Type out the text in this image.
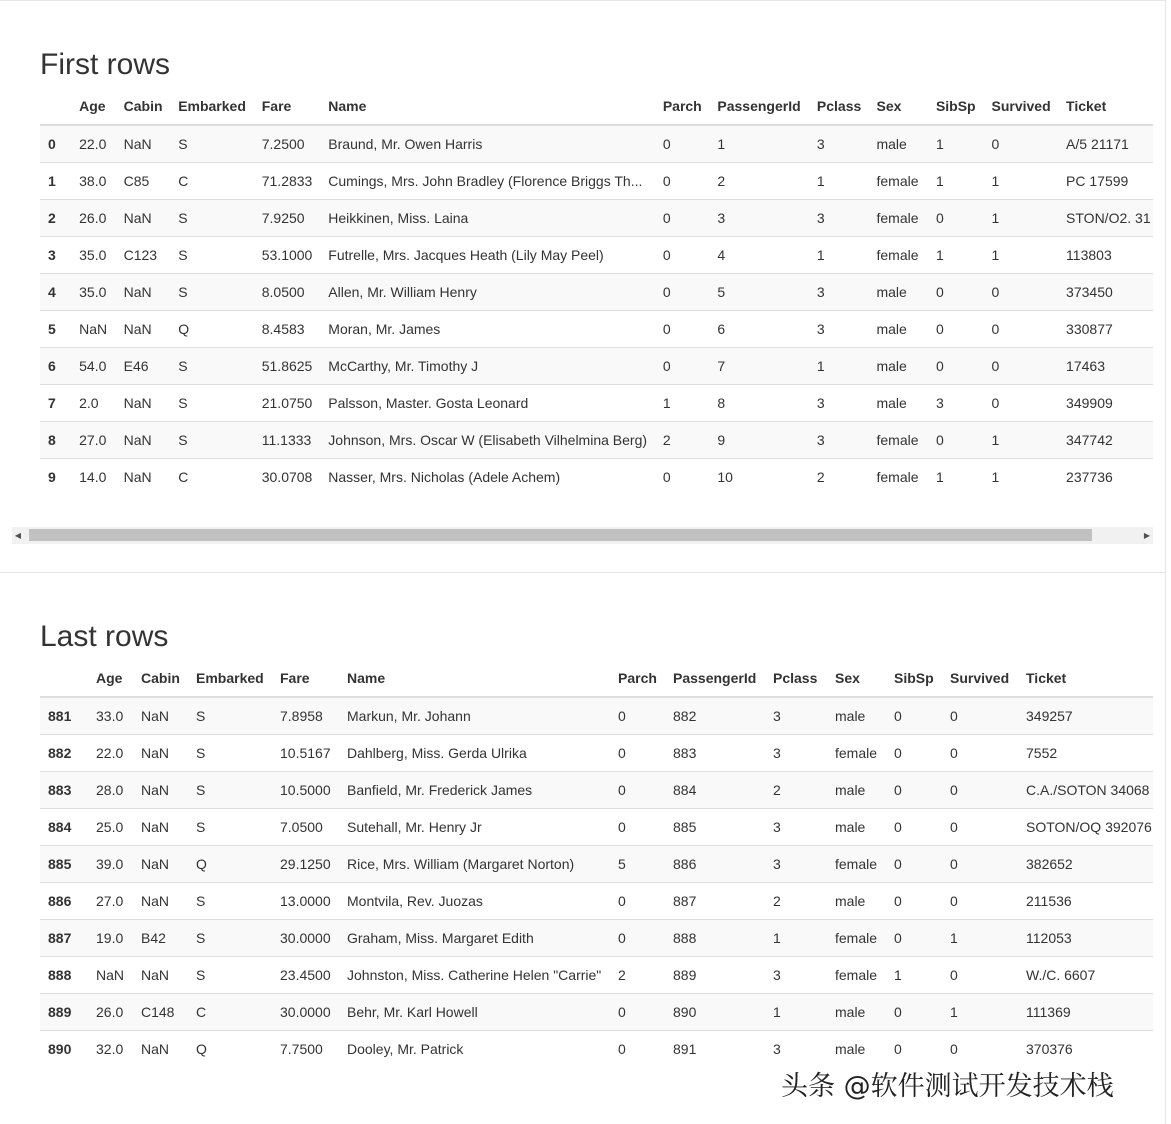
First rows
	Age	Cabin	Embarked	Fare	Name	Parch	PassengerId	Pclass	Sex	SibSp	Survived	Ticket
0	22.0	NaN	S	7.2500	Braund, Mr. Owen Harris	0	1	3	male	1	0	A/5 21171
1	38.0	C85	C	71.2833	Cumings, Mrs. John Bradley (Florence Briggs Th...	0	2	1	female	1	1	PC 17599
2	26.0	NaN	S	7.9250	Heikkinen, Miss. Laina	0	3	3	female	0	1	STON/O2. 31
3	35.0	C123	S	53.1000	Futrelle, Mrs. Jacques Heath (Lily May Peel)	0	4	1	female	1	1	113803
4	35.0	NaN	S	8.0500	Allen, Mr. William Henry	0	5	3	male	0	0	373450
5	NaN	NaN	Q	8.4583	Moran, Mr. James	0	6	3	male	0	0	330877
6	54.0	E46	S	51.8625	McCarthy, Mr. Timothy J	0	7	1	male	0	0	17463
7	2.0	NaN	S	21.0750	Palsson, Master. Gosta Leonard	1	8	3	male	3	0	349909
8	27.0	NaN	S	11.1333	Johnson, Mrs. Oscar W (Elisabeth Vilhelmina Berg)	2	9	3	female	0	1	347742
9	14.0	NaN	C	30.0708	Nasser, Mrs. Nicholas (Adele Achem)	0	10	2	female	1	1	237736
◀	▶
Last rows
	Age	Cabin	Embarked	Fare	Name	Parch	PassengerId	Pclass	Sex	SibSp	Survived	Ticket
881	33.0	NaN	S	7.8958	Markun, Mr. Johann	0	882	3	male	0	0	349257
882	22.0	NaN	S	10.5167	Dahlberg, Miss. Gerda Ulrika	0	883	3	female	0	0	7552
883	28.0	NaN	S	10.5000	Banfield, Mr. Frederick James	0	884	2	male	0	0	C.A./SOTON 34068
884	25.0	NaN	S	7.0500	Sutehall, Mr. Henry Jr	0	885	3	male	0	0	SOTON/OQ 392076
885	39.0	NaN	Q	29.1250	Rice, Mrs. William (Margaret Norton)	5	886	3	female	0	0	382652
886	27.0	NaN	S	13.0000	Montvila, Rev. Juozas	0	887	2	male	0	0	211536
887	19.0	B42	S	30.0000	Graham, Miss. Margaret Edith	0	888	1	female	0	1	112053
888	NaN	NaN	S	23.4500	Johnston, Miss. Catherine Helen "Carrie"	2	889	3	female	1	0	W./C. 6607
889	26.0	C148	C	30.0000	Behr, Mr. Karl Howell	0	890	1	male	0	1	111369
890	32.0	NaN	Q	7.7500	Dooley, Mr. Patrick	0	891	3	male	0	0	370376
头条 @软件测试开发技术栈
